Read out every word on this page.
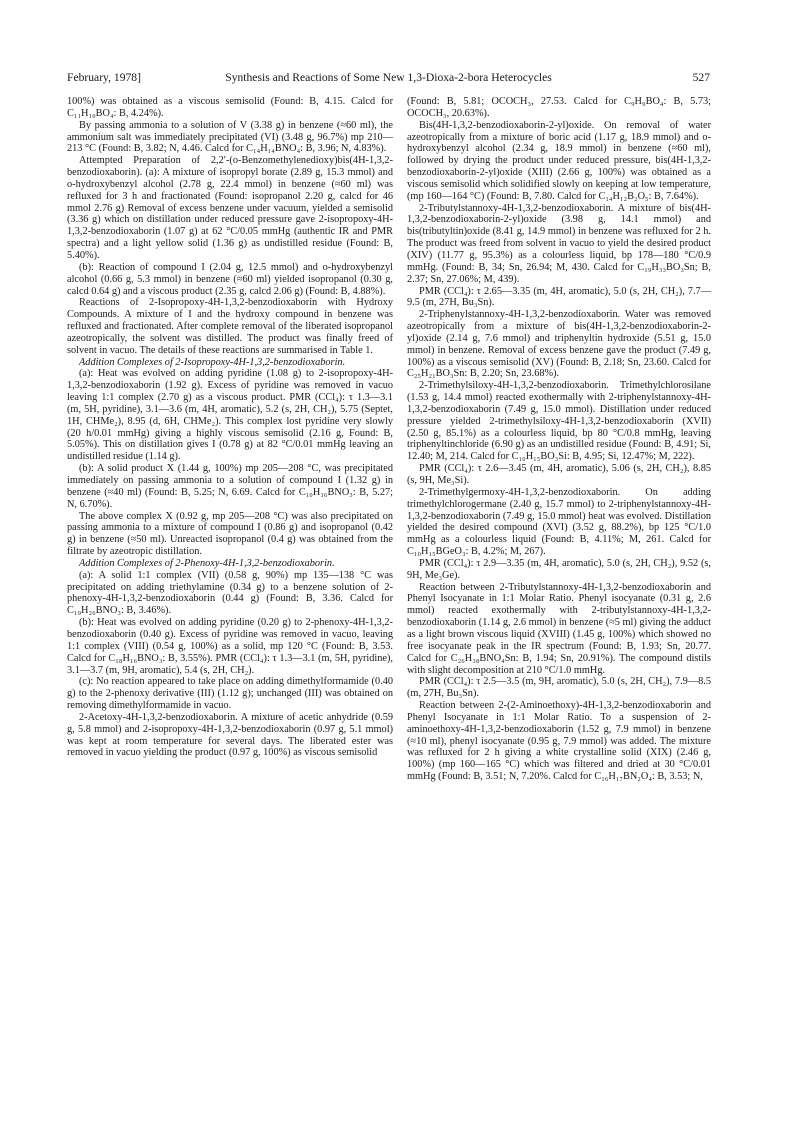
February, 1978]	Synthesis and Reactions of Some New 1,3-Dioxa-2-bora Heterocycles	527

100%) was obtained as a viscous semisolid (Found: B, 4.15. Calcd for C₁₁H₁₀BO₄: B, 4.24%).

By passing ammonia to a solution of V (3.38 g) in benzene (≈60 ml), the ammonium salt was immediately precipitated (VI) (3.48 g, 96.7%) mp 210—213 °C (Found: B, 3.82; N, 4.46. Calcd for C₁₄H₁₄BNO₄: B, 3.96; N, 4.83%).

Attempted Preparation of 2,2′-(o-Benzomethylenedioxy)bis(4H-1,3,2-benzodioxaborin). (a): A mixture of isopropyl borate (2.89 g, 15.3 mmol) and o-hydroxybenzyl alcohol (2.78 g, 22.4 mmol) in benzene (≈60 ml) was refluxed for 3 h and fractionated (Found: isopropanol 2.20 g, calcd for 46 mmol 2.76 g) Removal of excess benzene under vacuum, yielded a semisolid (3.36 g) which on distillation under reduced pressure gave 2-isopropoxy-4H-1,3,2-benzodioxaborin (1.07 g) at 62 °C/0.05 mmHg (authentic IR and PMR spectra) and a light yellow solid (1.36 g) as undistilled residue (Found: B, 5.40%).

(b): Reaction of compound I (2.04 g, 12.5 mmol) and o-hydroxybenzyl alcohol (0.66 g, 5.3 mmol) in benzene (≈60 ml) yielded isopropanol (0.30 g, calcd 0.64 g) and a viscous product (2.35 g, calcd 2.06 g) (Found: B, 4.88%).

Reactions of 2-Isopropoxy-4H-1,3,2-benzodioxaborin with Hydroxy Compounds. A mixture of I and the hydroxy compound in benzene was refluxed and fractionated. After complete removal of the liberated isopropanol azeotropically, the solvent was distilled. The product was finally freed of solvent in vacuo. The details of these reactions are summarised in Table 1.

Addition Complexes of 2-Isopropoxy-4H-1,3,2-benzodioxaborin.

(a): Heat was evolved on adding pyridine (1.08 g) to 2-isopropoxy-4H-1,3,2-benzodioxaborin (1.92 g). Excess of pyridine was removed in vacuo leaving 1:1 complex (2.70 g) as a viscous product. PMR (CCl₄): τ 1.3—3.1 (m, 5H, pyridine), 3.1—3.6 (m, 4H, aromatic), 5.2 (s, 2H, CH₂), 5.75 (Septet, 1H, CHMe₂), 8.95 (d, 6H, CHMe₂). This complex lost pyridine very slowly (20 h/0.01 mmHg) giving a highly viscous semisolid (2.16 g, Found: B, 5.05%). This on distillation gives I (0.78 g) at 82 °C/0.01 mmHg leaving an undistilled residue (1.14 g).

(b): A solid product X (1.44 g, 100%) mp 205—208 °C, was precipitated immediately on passing ammonia to a solution of compound I (1.32 g) in benzene (≈40 ml) (Found: B, 5.25; N, 6.69. Calcd for C₁₀H₁₆BNO₃: B, 5.27; N, 6.70%).

The above complex X (0.92 g, mp 205—208 °C) was also precipitated on passing ammonia to a mixture of compound I (0.86 g) and isopropanol (0.42 g) in benzene (≈50 ml). Unreacted isopropanol (0.4 g) was obtained from the filtrate by azeotropic distillation.

Addition Complexes of 2-Phenoxy-4H-1,3,2-benzodioxaborin.

(a): A solid 1:1 complex (VII) (0.58 g, 90%) mp 135—138 °C was precipitated on adding triethylamine (0.34 g) to a benzene solution of 2-phenoxy-4H-1,3,2-benzodioxaborin (0.44 g) (Found: B, 3.36. Calcd for C₁₉H₂₆BNO₃: B, 3.46%).

(b): Heat was evolved on adding pyridine (0.20 g) to 2-phenoxy-4H-1,3,2-benzodioxaborin (0.40 g). Excess of pyridine was removed in vacuo, leaving 1:1 complex (VIII) (0.54 g, 100%) as a solid, mp 120 °C (Found: B, 3.53. Calcd for C₁₈H₁₆BNO₃: B, 3.55%). PMR (CCl₄): τ 1.3—3.1 (m, 5H, pyridine), 3.1—3.7 (m, 9H, aromatic), 5.4 (s, 2H, CH₂).

(c): No reaction appeared to take place on adding dimethylformamide (0.40 g) to the 2-phenoxy derivative (III) (1.12 g); unchanged (III) was obtained on removing dimethylformamide in vacuo.

2-Acetoxy-4H-1,3,2-benzodioxaborin. A mixture of acetic anhydride (0.59 g, 5.8 mmol) and 2-isopropoxy-4H-1,3,2-benzodioxaborin (0.97 g, 5.1 mmol) was kept at room temperature for several days. The liberated ester was removed in vacuo yielding the product (0.97 g, 100%) as viscous semisolid

(Found: B, 5.81; OCOCH₃, 27.53. Calcd for C₉H₉BO₄: B, 5.73; OCOCH₃, 20.63%).

Bis(4H-1,3,2-benzodioxaborin-2-yl)oxide. On removal of water azeotropically from a mixture of boric acid (1.17 g, 18.9 mmol) and o-hydroxybenzyl alcohol (2.34 g, 18.9 mmol) in benzene (≈60 ml), followed by drying the product under reduced pressure, bis(4H-1,3,2-benzodioxaborin-2-yl)oxide (XIII) (2.66 g, 100%) was obtained as a viscous semisolid which solidified slowly on keeping at low temperature, (mp 160—164 °C) (Found: B, 7.80. Calcd for C₁₄H₁₂B₂O₅: B, 7.64%).

2-Tributylstannoxy-4H-1,3,2-benzodioxaborin. A mixture of bis(4H-1,3,2-benzodioxaborin-2-yl)oxide (3.98 g, 14.1 mmol) and bis(tributyltin)oxide (8.41 g, 14.9 mmol) in benzene was refluxed for 2 h. The product was freed from solvent in vacuo to yield the desired product (XIV) (11.77 g, 95.3%) as a colourless liquid, bp 178—180 °C/0.9 mmHg. (Found: B, 34; Sn, 26.94; M, 430. Calcd for C₁₉H₃₃BO₃Sn; B, 2.37; Sn, 27.06%; M, 439).

PMR (CCl₄): τ 2.65—3.35 (m, 4H, aromatic), 5.0 (s, 2H, CH₂), 7.7—9.5 (m, 27H, Bu₃Sn).

2-Triphenylstannoxy-4H-1,3,2-benzodioxaborin. Water was removed azeotropically from a mixture of bis(4H-1,3,2-benzodioxaborin-2-yl)oxide (2.14 g, 7.6 mmol) and triphenyltin hydroxide (5.51 g, 15.0 mmol) in benzene. Removal of excess benzene gave the product (7.49 g, 100%) as a viscous semisolid (XV) (Found: B, 2.18; Sn, 23.60. Calcd for C₂₅H₂₁BO₃Sn: B, 2.20; Sn, 23.68%).

2-Trimethylsiloxy-4H-1,3,2-benzodioxaborin. Trimethylchlorosilane (1.53 g, 14.4 mmol) reacted exothermally with 2-triphenylstannoxy-4H-1,3,2-benzodioxaborin (7.49 g, 15.0 mmol). Distillation under reduced pressure yielded 2-trimethylsiloxy-4H-1,3,2-benzodioxaborin (XVII) (2.50 g, 85.1%) as a colourless liquid, bp 80 °C/0.8 mmHg, leaving triphenyltinchloride (6.90 g) as an undistilled residue (Found: B, 4.91; Si, 12.40; M, 214. Calcd for C₁₀H₁₅BO₃Si: B, 4.95; Si, 12.47%; M, 222).

PMR (CCl₄): τ 2.6—3.45 (m, 4H, aromatic), 5.06 (s, 2H, CH₂), 8.85 (s, 9H, Me₃Si).

2-Trimethylgermoxy-4H-1,3,2-benzodioxaborin. On adding trimethylchlorogermane (2.40 g, 15.7 mmol) to 2-triphenylstannoxy-4H-1,3,2-benzodioxaborin (7.49 g, 15.0 mmol) heat was evolved. Distillation yielded the desired compound (XVI) (3.52 g, 88.2%), bp 125 °C/1.0 mmHg as a colourless liquid (Found: B, 4.11%; M, 261. Calcd for C₁₀H₁₅BGeO₃: B, 4.2%; M, 267).

PMR (CCl₄): τ 2.9—3.35 (m, 4H, aromatic), 5.0 (s, 2H, CH₂), 9.52 (s, 9H, Me₃Ge).

Reaction between 2-Tributylstannoxy-4H-1,3,2-benzodioxaborin and Phenyl Isocyanate in 1:1 Molar Ratio. Phenyl isocyanate (0.31 g, 2.6 mmol) reacted exothermally with 2-tributylstannoxy-4H-1,3,2-benzodioxaborin (1.14 g, 2.6 mmol) in benzene (≈5 ml) giving the adduct as a light brown viscous liquid (XVIII) (1.45 g, 100%) which showed no free isocyanate peak in the IR spectrum (Found: B, 1.93; Sn, 20.77. Calcd for C₂₆H₃₈BNO₄Sn: B, 1.94; Sn, 20.91%). The compound distils with slight decomposition at 210 °C/1.0 mmHg.

PMR (CCl₄): τ 2.5—3.5 (m, 9H, aromatic), 5.0 (s, 2H, CH₂), 7.9—8.5 (m, 27H, Bu₃Sn).

Reaction between 2-(2-Aminoethoxy)-4H-1,3,2-benzodioxaborin and Phenyl Isocyanate in 1:1 Molar Ratio. To a suspension of 2-aminoethoxy-4H-1,3,2-benzodioxaborin (1.52 g, 7.9 mmol) in benzene (≈10 ml), phenyl isocyanate (0.95 g, 7.9 mmol) was added. The mixture was refluxed for 2 h giving a white crystalline solid (XIX) (2.46 g, 100%) (mp 160—165 °C) which was filtered and dried at 30 °C/0.01 mmHg (Found: B, 3.51; N, 7.20%. Calcd for C₁₆H₁₇BN₂O₄: B, 3.53; N,
